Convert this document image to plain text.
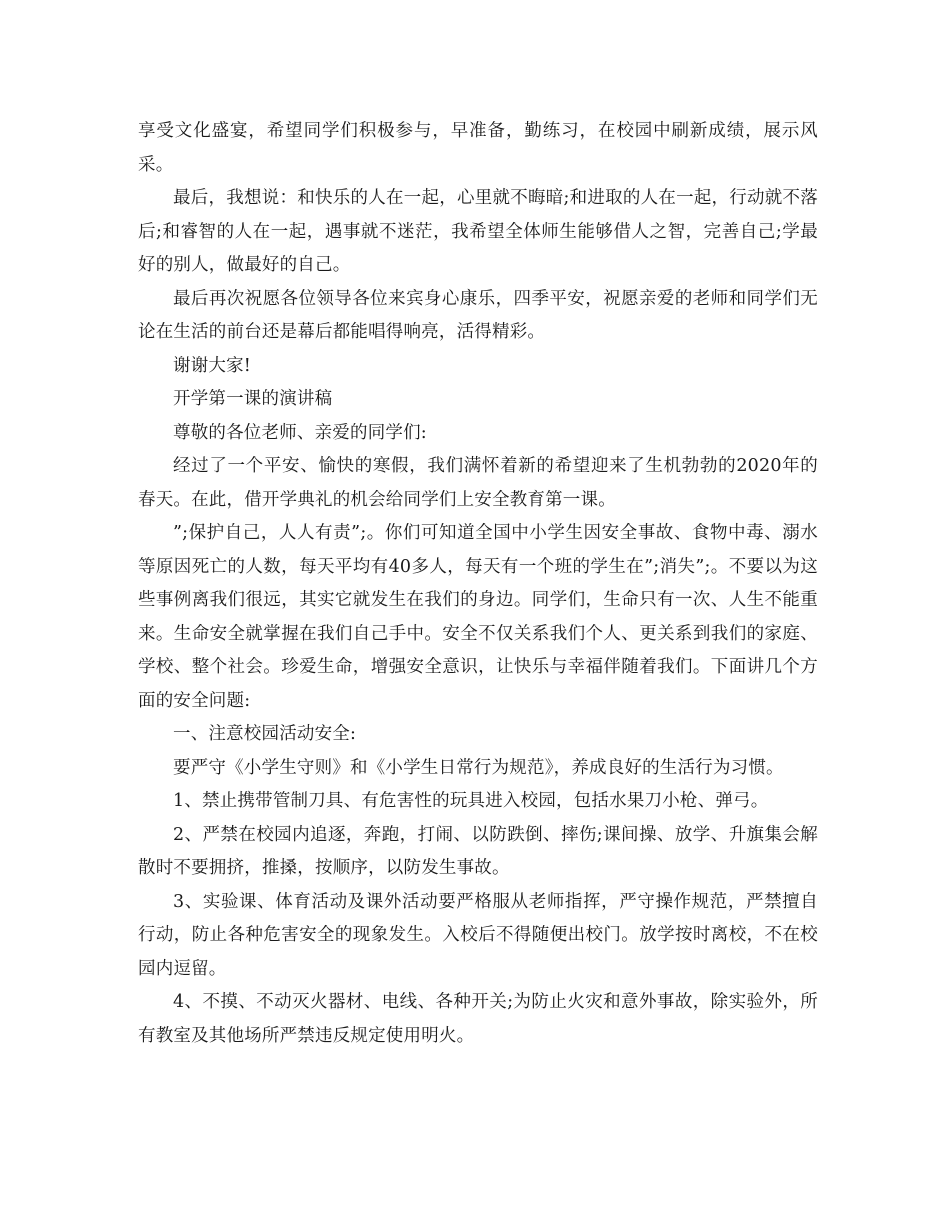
享受文化盛宴，希望同学们积极参与，早准备，勤练习，在校园中刷新成绩，展示风采。

最后，我想说：和快乐的人在一起，心里就不晦暗;和进取的人在一起，行动就不落后;和睿智的人在一起，遇事就不迷茫，我希望全体师生能够借人之智，完善自己;学最好的别人，做最好的自己。

最后再次祝愿各位领导各位来宾身心康乐，四季平安，祝愿亲爱的老师和同学们无论在生活的前台还是幕后都能唱得响亮，活得精彩。

谢谢大家!

开学第一课的演讲稿

尊敬的各位老师、亲爱的同学们:

经过了一个平安、愉快的寒假，我们满怀着新的希望迎来了生机勃勃的2020年的春天。在此，借开学典礼的机会给同学们上安全教育第一课。

”;保护自己，人人有责”;。你们可知道全国中小学生因安全事故、食物中毒、溺水等原因死亡的人数，每天平均有40多人，每天有一个班的学生在”;消失”;。不要以为这些事例离我们很远，其实它就发生在我们的身边。同学们，生命只有一次、人生不能重来。生命安全就掌握在我们自己手中。安全不仅关系我们个人、更关系到我们的家庭、学校、整个社会。珍爱生命，增强安全意识，让快乐与幸福伴随着我们。下面讲几个方面的安全问题:

一、注意校园活动安全:

要严守《小学生守则》和《小学生日常行为规范》，养成良好的生活行为习惯。

1、禁止携带管制刀具、有危害性的玩具进入校园，包括水果刀小枪、弹弓。

2、严禁在校园内追逐，奔跑，打闹、以防跌倒、摔伤;课间操、放学、升旗集会解散时不要拥挤，推搡，按顺序，以防发生事故。

3、实验课、体育活动及课外活动要严格服从老师指挥，严守操作规范，严禁擅自行动，防止各种危害安全的现象发生。入校后不得随便出校门。放学按时离校，不在校园内逗留。

4、不摸、不动灭火器材、电线、各种开关;为防止火灾和意外事故，除实验外，所有教室及其他场所严禁违反规定使用明火。
